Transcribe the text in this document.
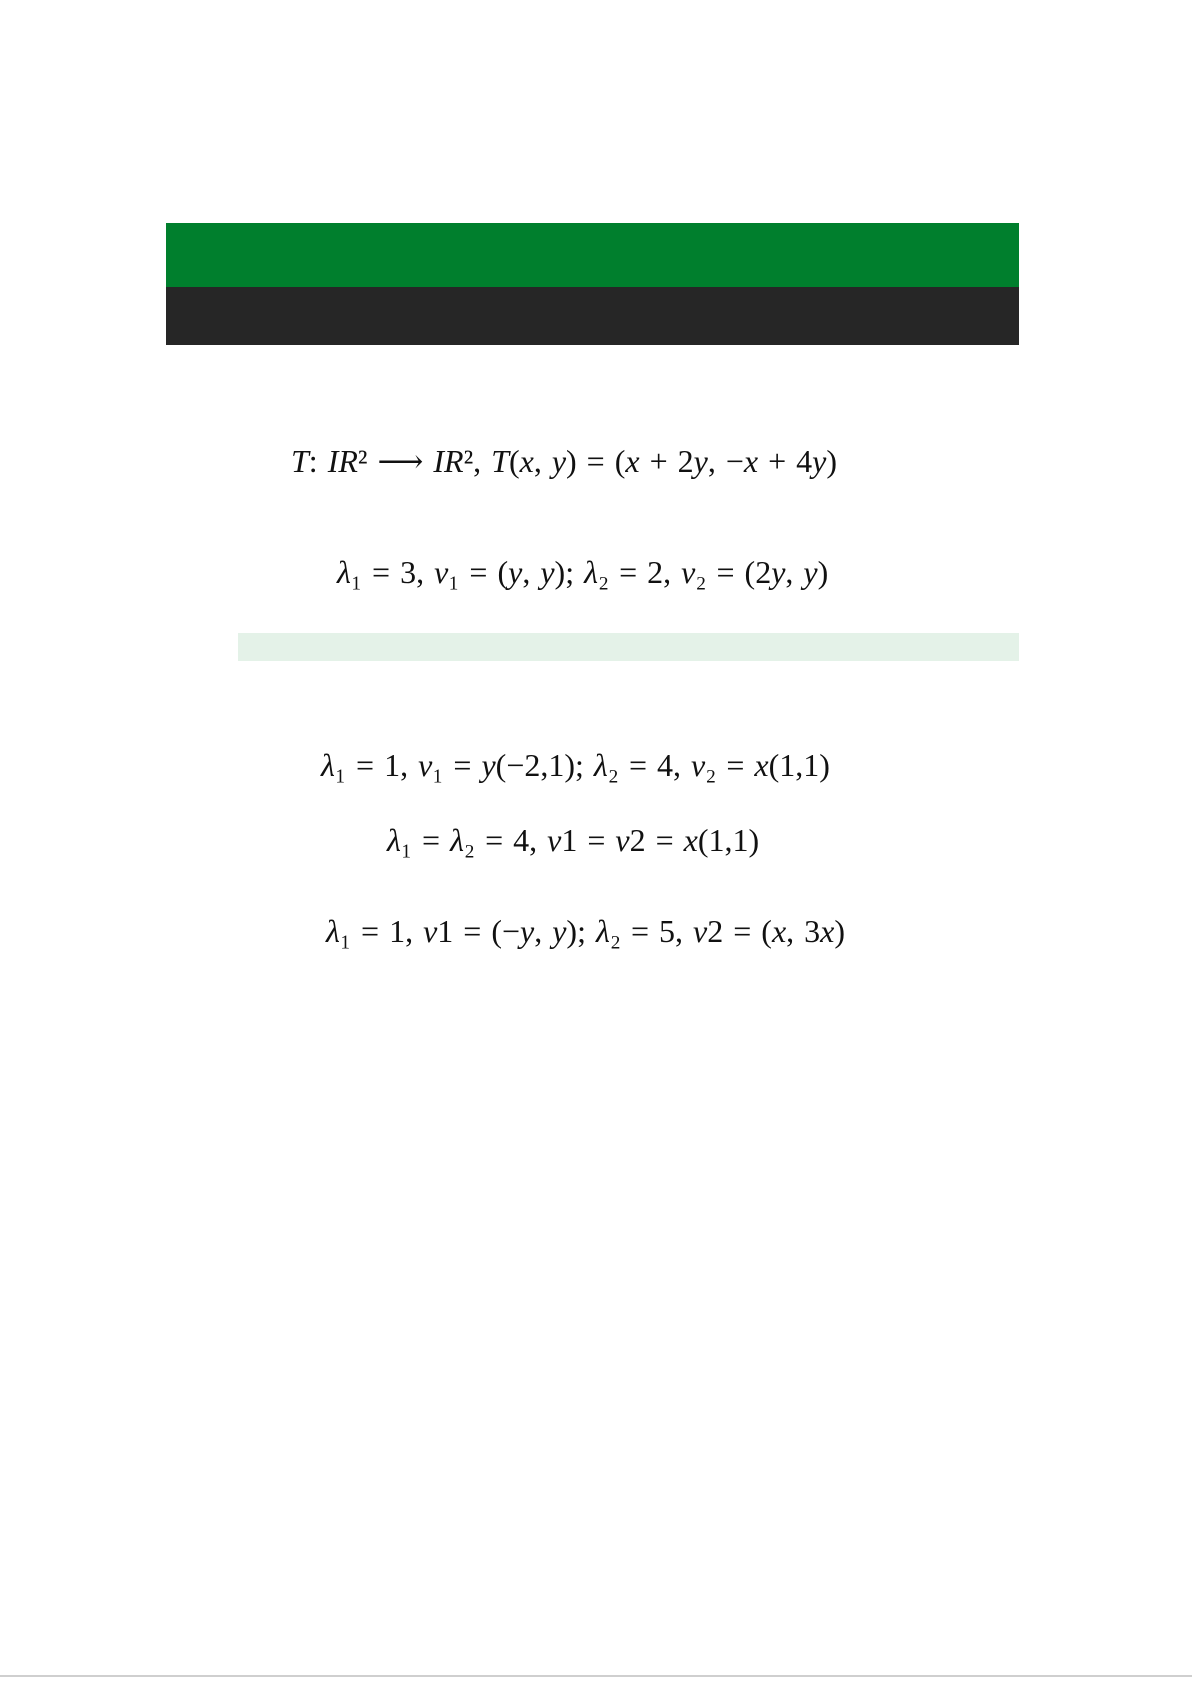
T: IR² ⟶ IR², T(x, y) = (x + 2y, −x + 4y)
λ₁ = 3, v₁ = (y, y); λ₂ = 2, v₂ = (2y, y)
λ₁ = 1, v₁ = y(−2,1); λ₂ = 4, v₂ = x(1,1)
λ₁ = λ₂ = 4, v1 = v2 = x(1,1)
λ₁ = 1, v1 = (−y, y); λ₂ = 5, v2 = (x, 3x)
